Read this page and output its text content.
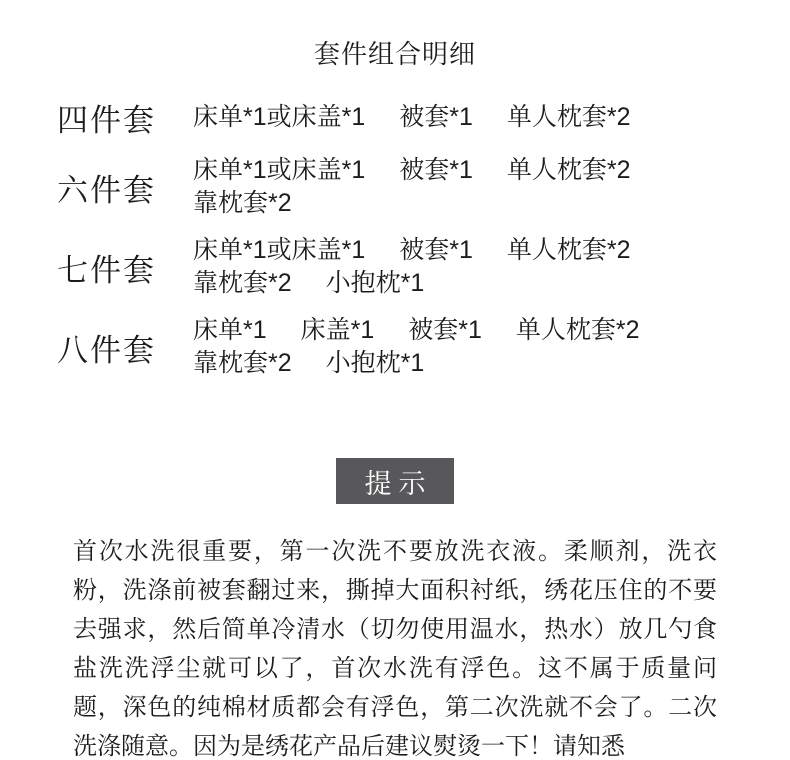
套件组合明细
四件套	床单*1或床盖*1 被套*1 单人枕套*2
六件套
床单*1或床盖*1 被套*1 单人枕套*2
靠枕套*2
七件套
床单*1或床盖*1 被套*1 单人枕套*2
靠枕套*2 小抱枕*1
八件套
床单*1 床盖*1 被套*1 单人枕套*2
靠枕套*2 小抱枕*1
提示

首次水洗很重要，第一次洗不要放洗衣液。柔顺剂，洗衣粉，洗涤前被套翻过来，撕掉大面积衬纸，绣花压住的不要去强求，然后简单冷清水（切勿使用温水，热水）放几勺食盐洗洗浮尘就可以了，首次水洗有浮色。这不属于质量问题，深色的纯棉材质都会有浮色，第二次洗就不会了。二次洗涤随意。因为是绣花产品后建议熨烫一下！请知悉
